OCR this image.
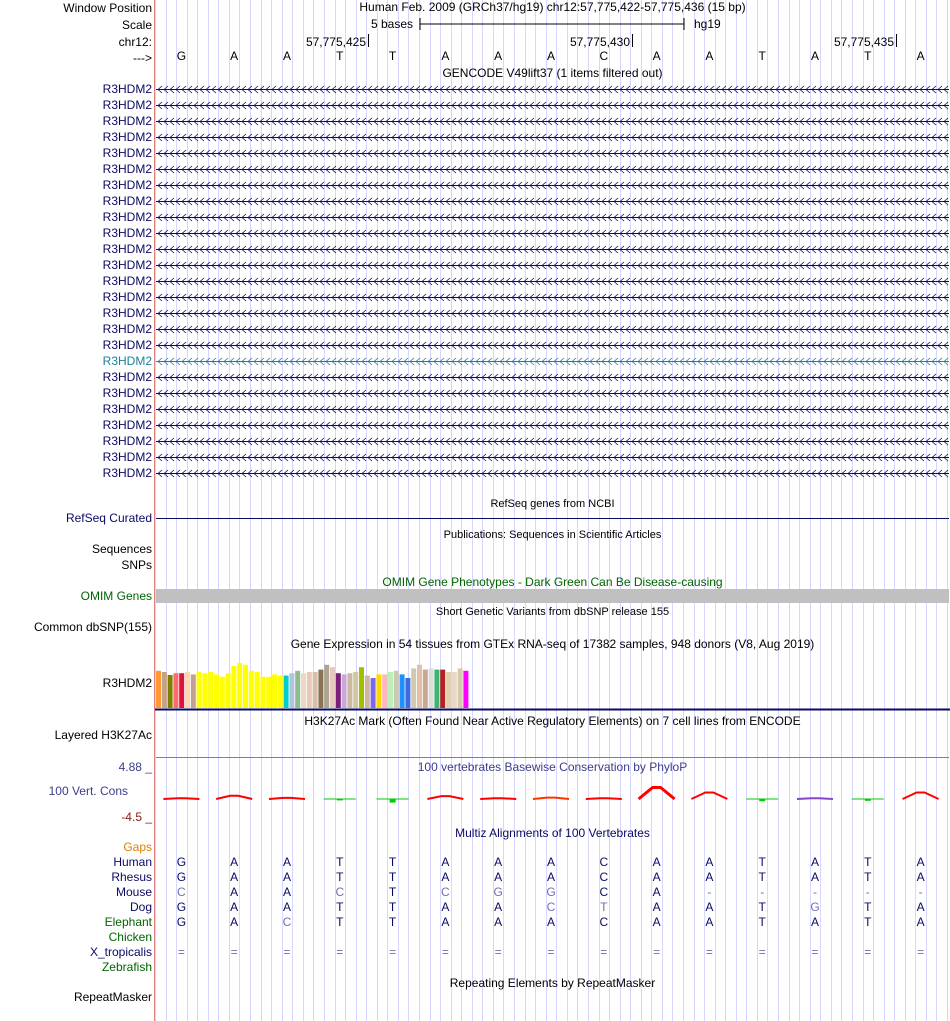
Window Position	Human Feb. 2009 (GRCh37/hg19) chr12:57,775,422-57,775,436 (15 bp)
Scale	5 bases	hg19
chr12:	57,775,425	57,775,430	57,775,435
--->	G	A	A	T	T	A	A	A	C	A	A	T	A	T	A
GENCODE V49lift37 (1 items filtered out)
R3HDM2
R3HDM2
R3HDM2
R3HDM2
R3HDM2
R3HDM2
R3HDM2
R3HDM2
R3HDM2
R3HDM2
R3HDM2
R3HDM2
R3HDM2
R3HDM2
R3HDM2
R3HDM2
R3HDM2
R3HDM2
R3HDM2
R3HDM2
R3HDM2
R3HDM2
R3HDM2
R3HDM2
R3HDM2
RefSeq genes from NCBI
RefSeq Curated
Publications: Sequences in Scientific Articles
Sequences
SNPs
OMIM Gene Phenotypes - Dark Green Can Be Disease-causing
OMIM Genes
Short Genetic Variants from dbSNP release 155
Common dbSNP(155)
Gene Expression in 54 tissues from GTEx RNA-seq of 17382 samples, 948 donors (V8, Aug 2019)
R3HDM2
H3K27Ac Mark (Often Found Near Active Regulatory Elements) on 7 cell lines from ENCODE
Layered H3K27Ac
100 vertebrates Basewise Conservation by PhyloP
4.88 _
100 Vert. Cons
-4.5 _
Multiz Alignments of 100 Vertebrates
Gaps
Human	G	A	A	T	T	A	A	A	C	A	A	T	A	T	A
Rhesus	G	A	A	T	T	A	A	A	C	A	A	T	A	T	A
Mouse	C	A	A	C	T	C	G	G	C	A	-	-	-	-	-
Dog	G	A	A	T	T	A	A	C	T	A	A	T	G	T	A
Elephant	G	A	C	T	T	A	A	A	C	A	A	T	A	T	A
Chicken
X_tropicalis	=	=	=	=	=	=	=	=	=	=	=	=	=	=	=
Zebrafish
Repeating Elements by RepeatMasker
RepeatMasker
